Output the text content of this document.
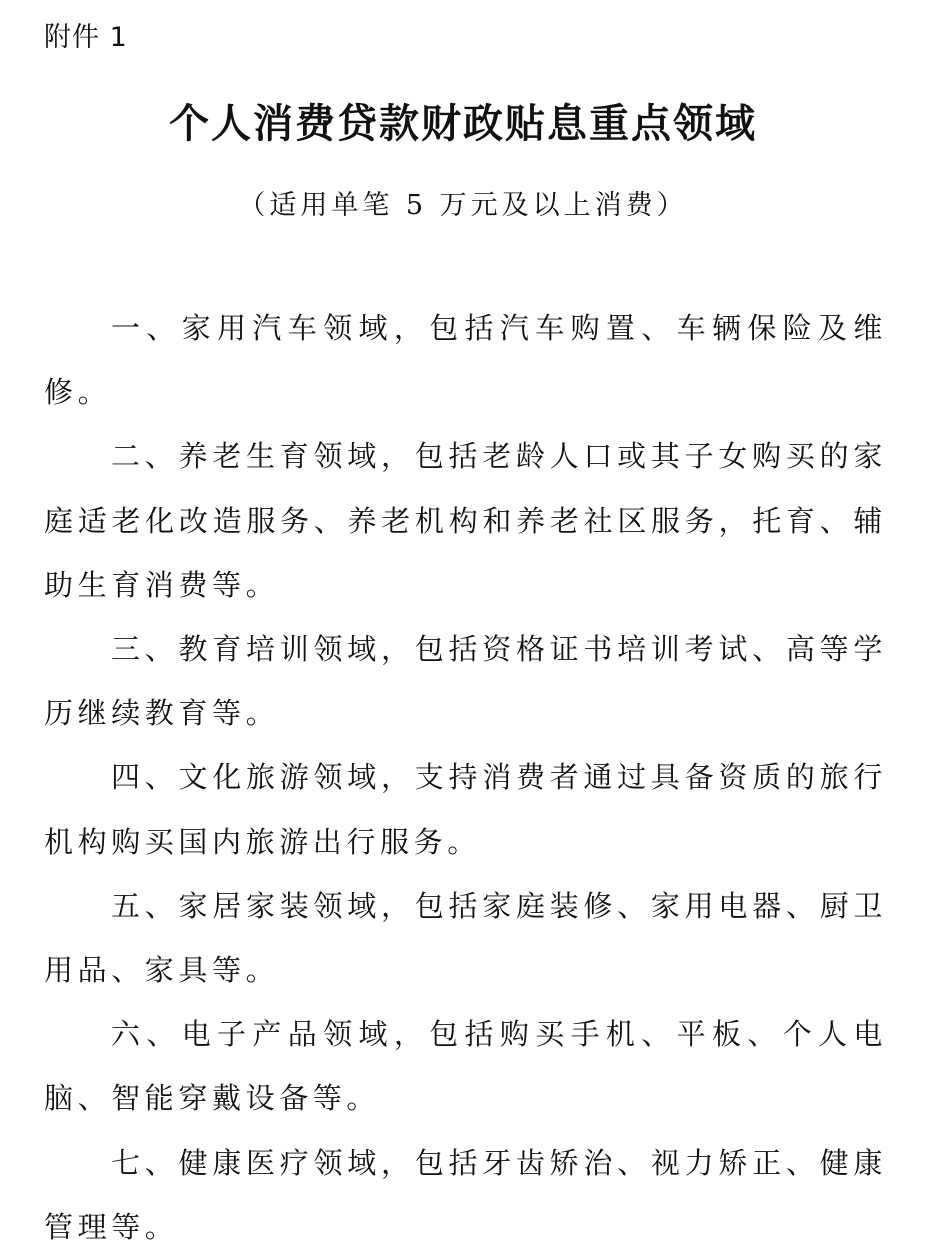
附件 1
个人消费贷款财政贴息重点领域
（适用单笔 5 万元及以上消费）

一、家用汽车领域，包括汽车购置、车辆保险及维修。

二、养老生育领域，包括老龄人口或其子女购买的家庭适老化改造服务、养老机构和养老社区服务，托育、辅助生育消费等。

三、教育培训领域，包括资格证书培训考试、高等学历继续教育等。

四、文化旅游领域，支持消费者通过具备资质的旅行机构购买国内旅游出行服务。

五、家居家装领域，包括家庭装修、家用电器、厨卫用品、家具等。

六、电子产品领域，包括购买手机、平板、个人电脑、智能穿戴设备等。

七、健康医疗领域，包括牙齿矫治、视力矫正、健康管理等。
